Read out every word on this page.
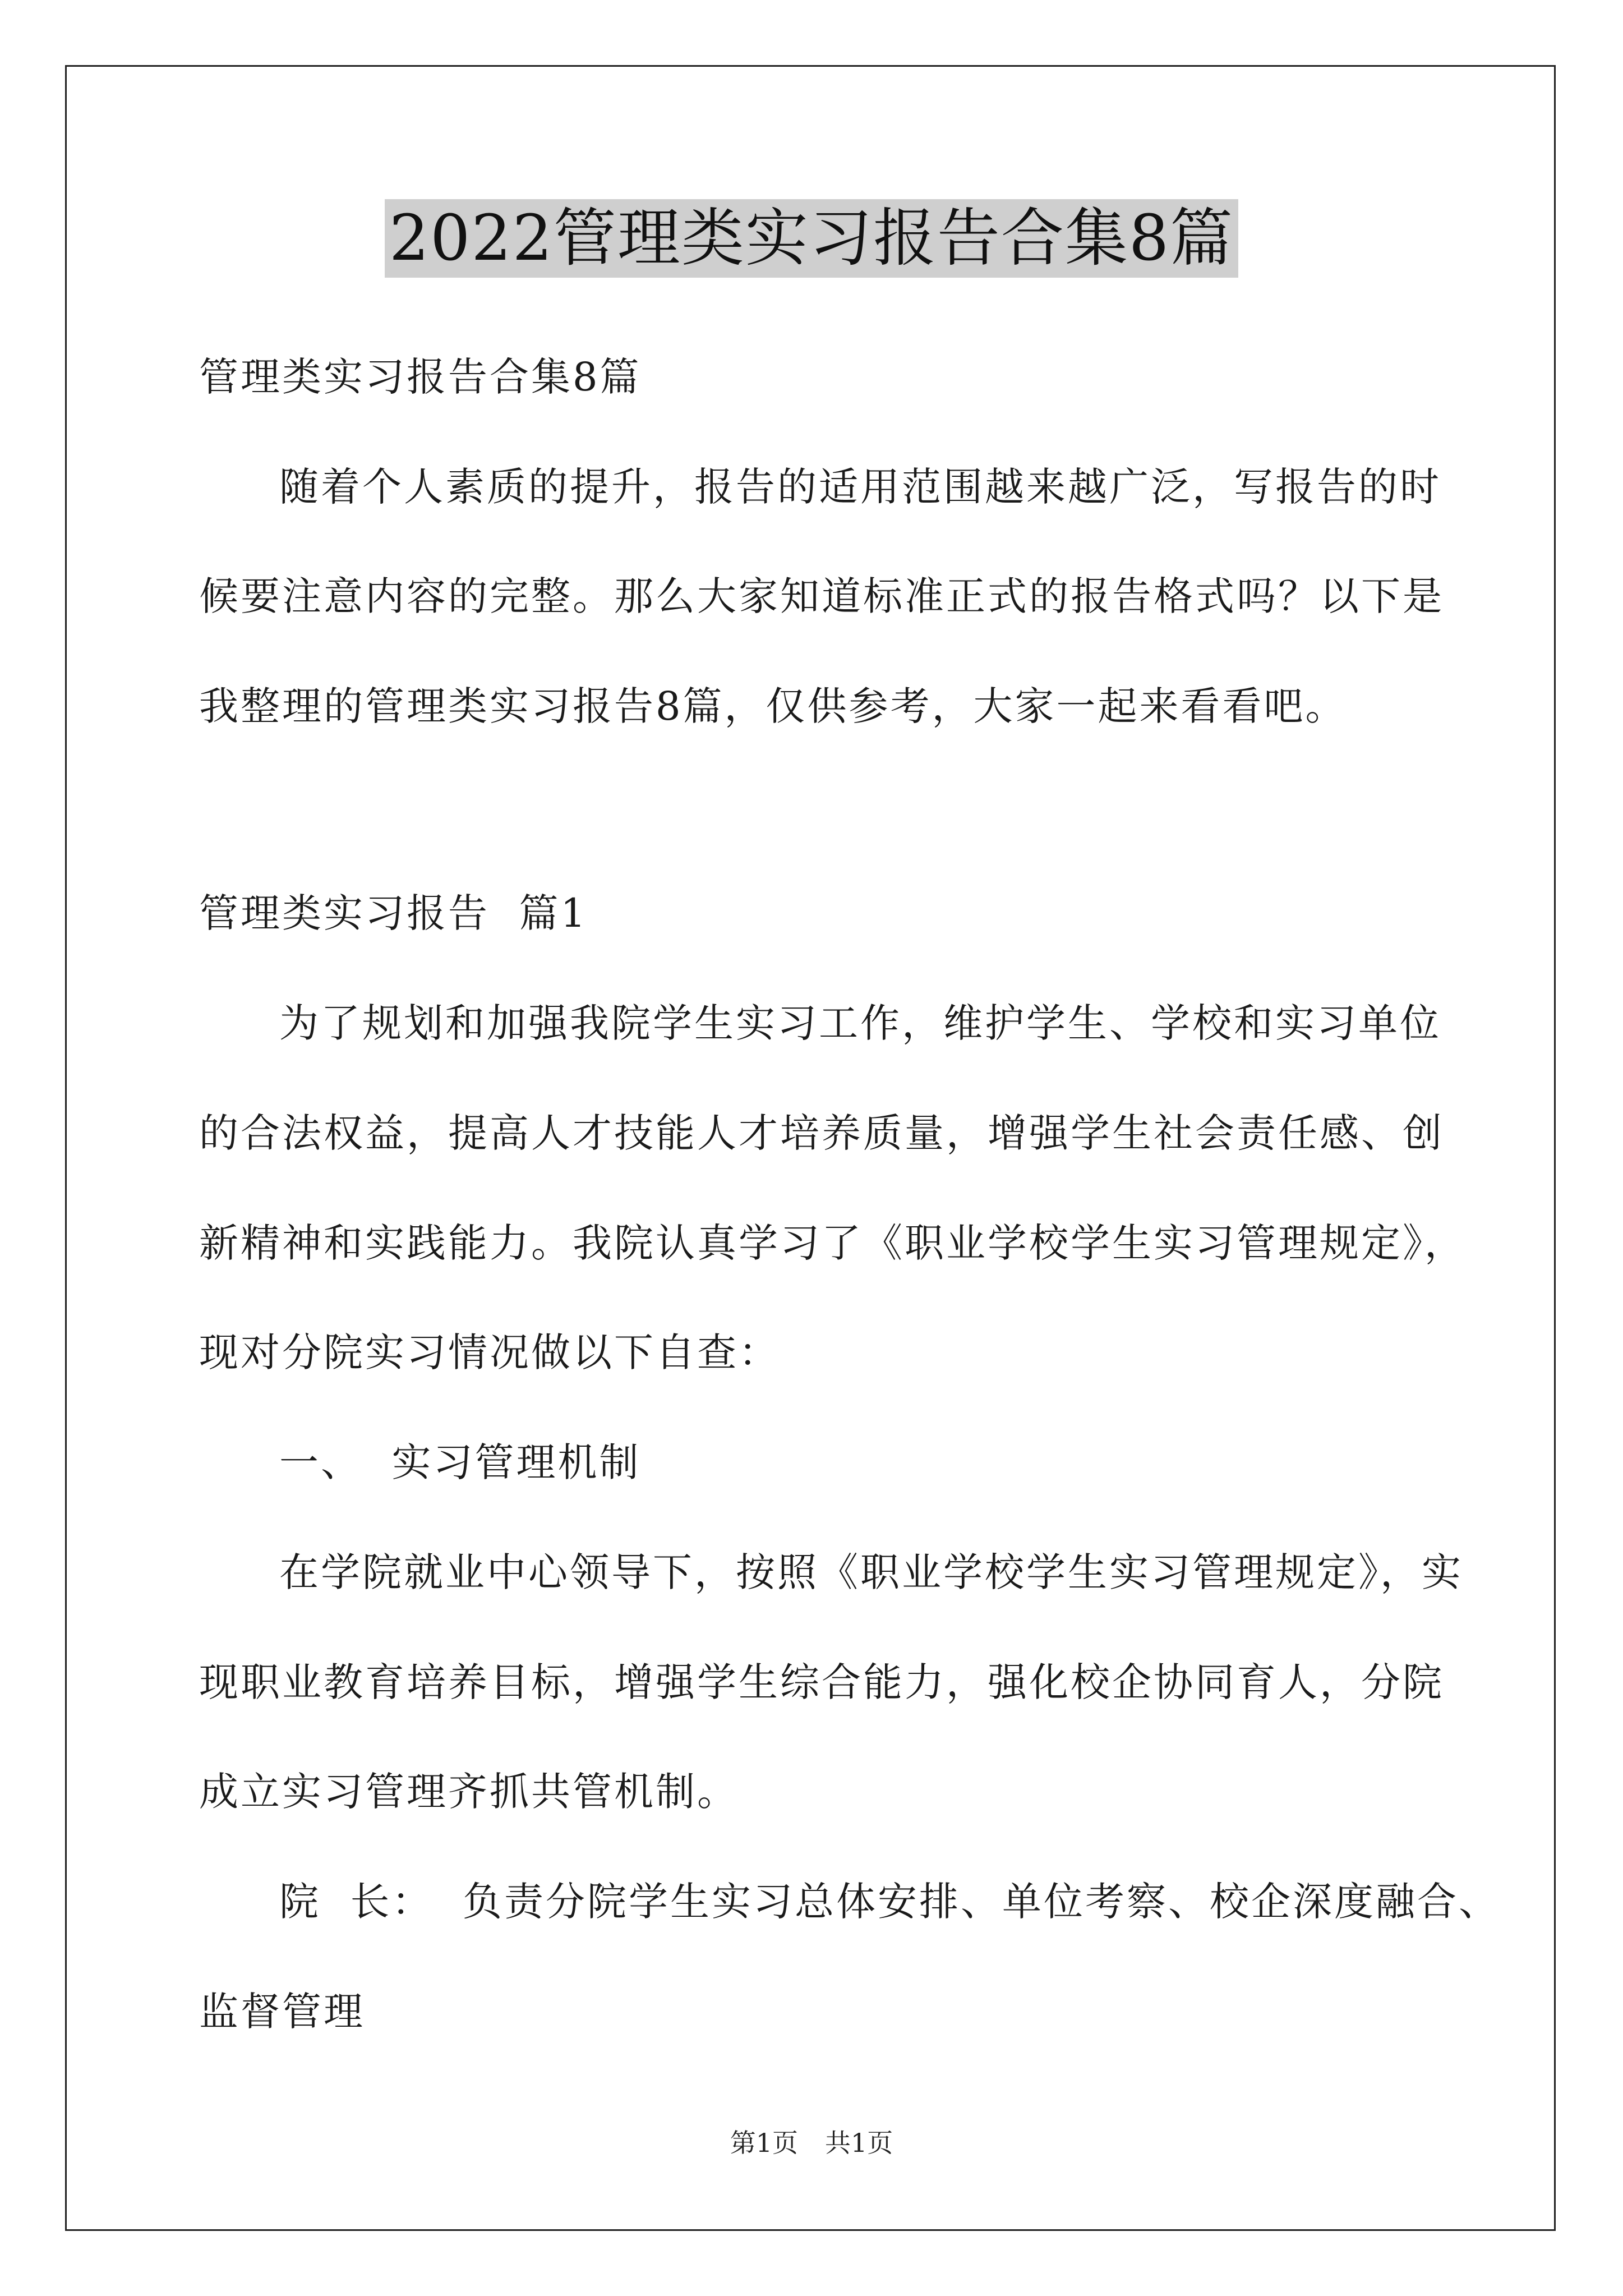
2022管理类实习报告合集8篇
管理类实习报告合集8篇
随着个人素质的提升，报告的适用范围越来越广泛，写报告的时
候要注意内容的完整。那么大家知道标准正式的报告格式吗？以下是
我整理的管理类实习报告8篇，仅供参考，大家一起来看看吧。
管理类实习报告  篇1
为了规划和加强我院学生实习工作，维护学生、学校和实习单位
的合法权益，提高人才技能人才培养质量，增强学生社会责任感、创
新精神和实践能力。我院认真学习了《职业学校学生实习管理规定》，
现对分院实习情况做以下自查：
一、  实习管理机制
在学院就业中心领导下，按照《职业学校学生实习管理规定》，实
现职业教育培养目标，增强学生综合能力，强化校企协同育人，分院
成立实习管理齐抓共管机制。
院  长：  负责分院学生实习总体安排、单位考察、校企深度融合、
监督管理
第1页 共1页
